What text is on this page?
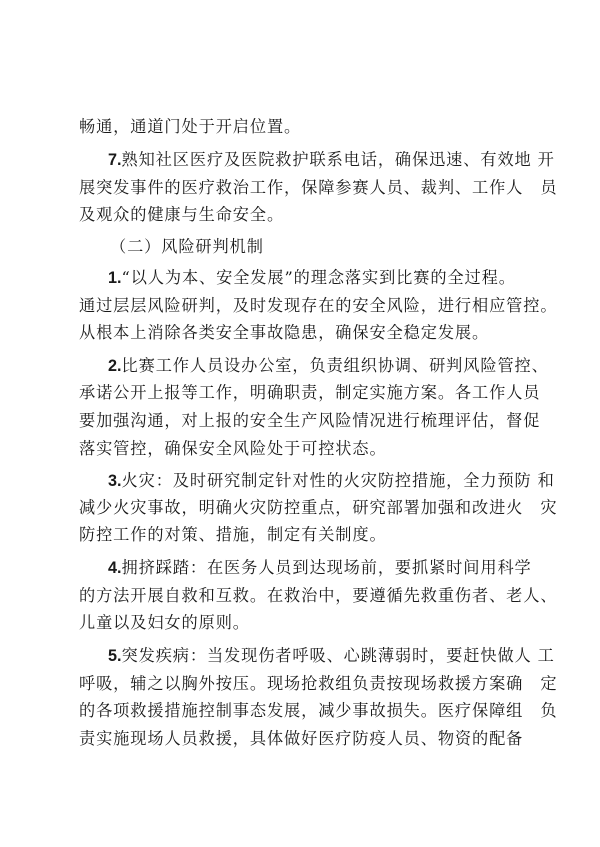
畅通，通道门处于开启位置。
7.熟知社区医疗及医院救护联系电话，确保迅速、有效地 开
展突发事件的医疗救治工作，保障参赛人员、裁判、工作人　员
及观众的健康与生命安全。
（二）风险研判机制
1.“以人为本、安全发展”的理念落实到比赛的全过程。
通过层层风险研判，及时发现存在的安全风险，进行相应管控。
从根本上消除各类安全事故隐患，确保安全稳定发展。
2.比赛工作人员设办公室，负责组织协调、研判风险管控、
承诺公开上报等工作，明确职责，制定实施方案。各工作人员
要加强沟通，对上报的安全生产风险情况进行梳理评估，督促
落实管控，确保安全风险处于可控状态。
3.火灾：及时研究制定针对性的火灾防控措施，全力预防 和
减少火灾事故，明确火灾防控重点，研究部署加强和改进火　灾
防控工作的对策、措施，制定有关制度。
4.拥挤踩踏：在医务人员到达现场前，要抓紧时间用科学
的方法开展自救和互救。在救治中，要遵循先救重伤者、老人、
儿童以及妇女的原则。
5.突发疾病：当发现伤者呼吸、心跳薄弱时，要赶快做人 工
呼吸，辅之以胸外按压。现场抢救组负责按现场救援方案确　定
的各项救援措施控制事态发展，减少事故损失。医疗保障组　负
责实施现场人员救援，具体做好医疗防疫人员、物资的配备
